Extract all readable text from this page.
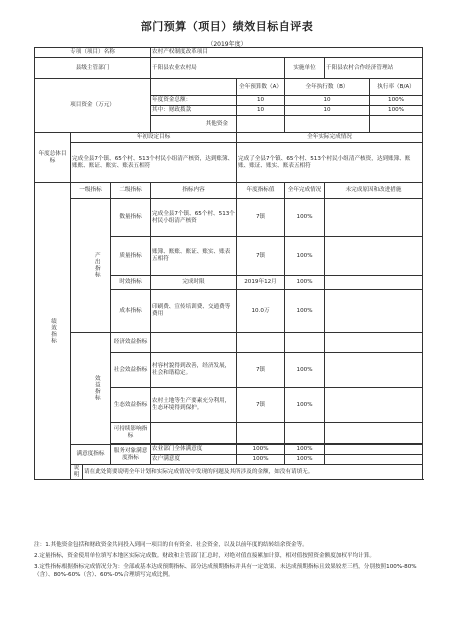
部门预算（项目）绩效目标自评表
（2019年度）
专项（项目）名称				农村产权制度改革项目				
县级主管部门				千阳县农业农村局		实施单位	千阳县农村合作经济管理站	
项目资金（万元）					全年预算数（A）	全年执行数（B）		执行率（B/A）
				年度资金总额：	10	10		100%
				其中：财政拨款	10	10		100%
				其他资金				
年度总体目标	年初设定目标				全年实际完成情况			
	完成全县7个镇、65个村、513个村民小组清产核资，达到账簿、账账、账证、账实、账表五相符				完成了全县7个镇、65个村、513个村民小组清产核资，达到账簿、账账、账证、账实、账表五相符			
绩效指标	一级指标		二级指标	指标内容	年度指标值	全年完成情况	未完成原因和改进措施	
		产出指标	数量指标	完成全县7个镇、65个村、513个村民小组清产核资	7镇	100%		
			质量指标	账簿、账账、账证、账实、账表五相符	7镇	100%		
			时效指标	完成时限	2019年12月	100%		
			成本指标	印刷费、宣传培训费、交通费等费用	10.0万	100%		
		效益指标	经济效益指标					
			社会效益指标	村容村貌得到改善，经济发展，社会和谐稳定。	7镇	100%		
			生态效益指标	农村土地等生产要素充分利用，生态环境得到保护。	7镇	100%		
			可持续影响指标					

	满意度指标		服务对象满意度指标	农业部门全体满意度	100%	100%		
				农户满意度	100%	100%		
	说明	请在此处简要说明全年计划和实际完成情况中发现的问题及其所涉及的金额，如没有请填无。						

注：1.其他资金包括和财政资金共同投入到同一项目的自有资金、社会资金，以及以前年度的结转结余资金等。

2.定量指标，资金使用单位填写本地区实际完成数。财政和主管部门汇总时，对绝对值直接累加计算，相对值按照资金额度加权平均计算。

3.定性指标根据指标完成情况分为：全部或基本达成预期指标、部分达成预期指标并具有一定效果、未达成预期指标且效果较差三档，分别按照100%-80%（含）、80%-60%（含）、60%-0%合理填写完成比例。
